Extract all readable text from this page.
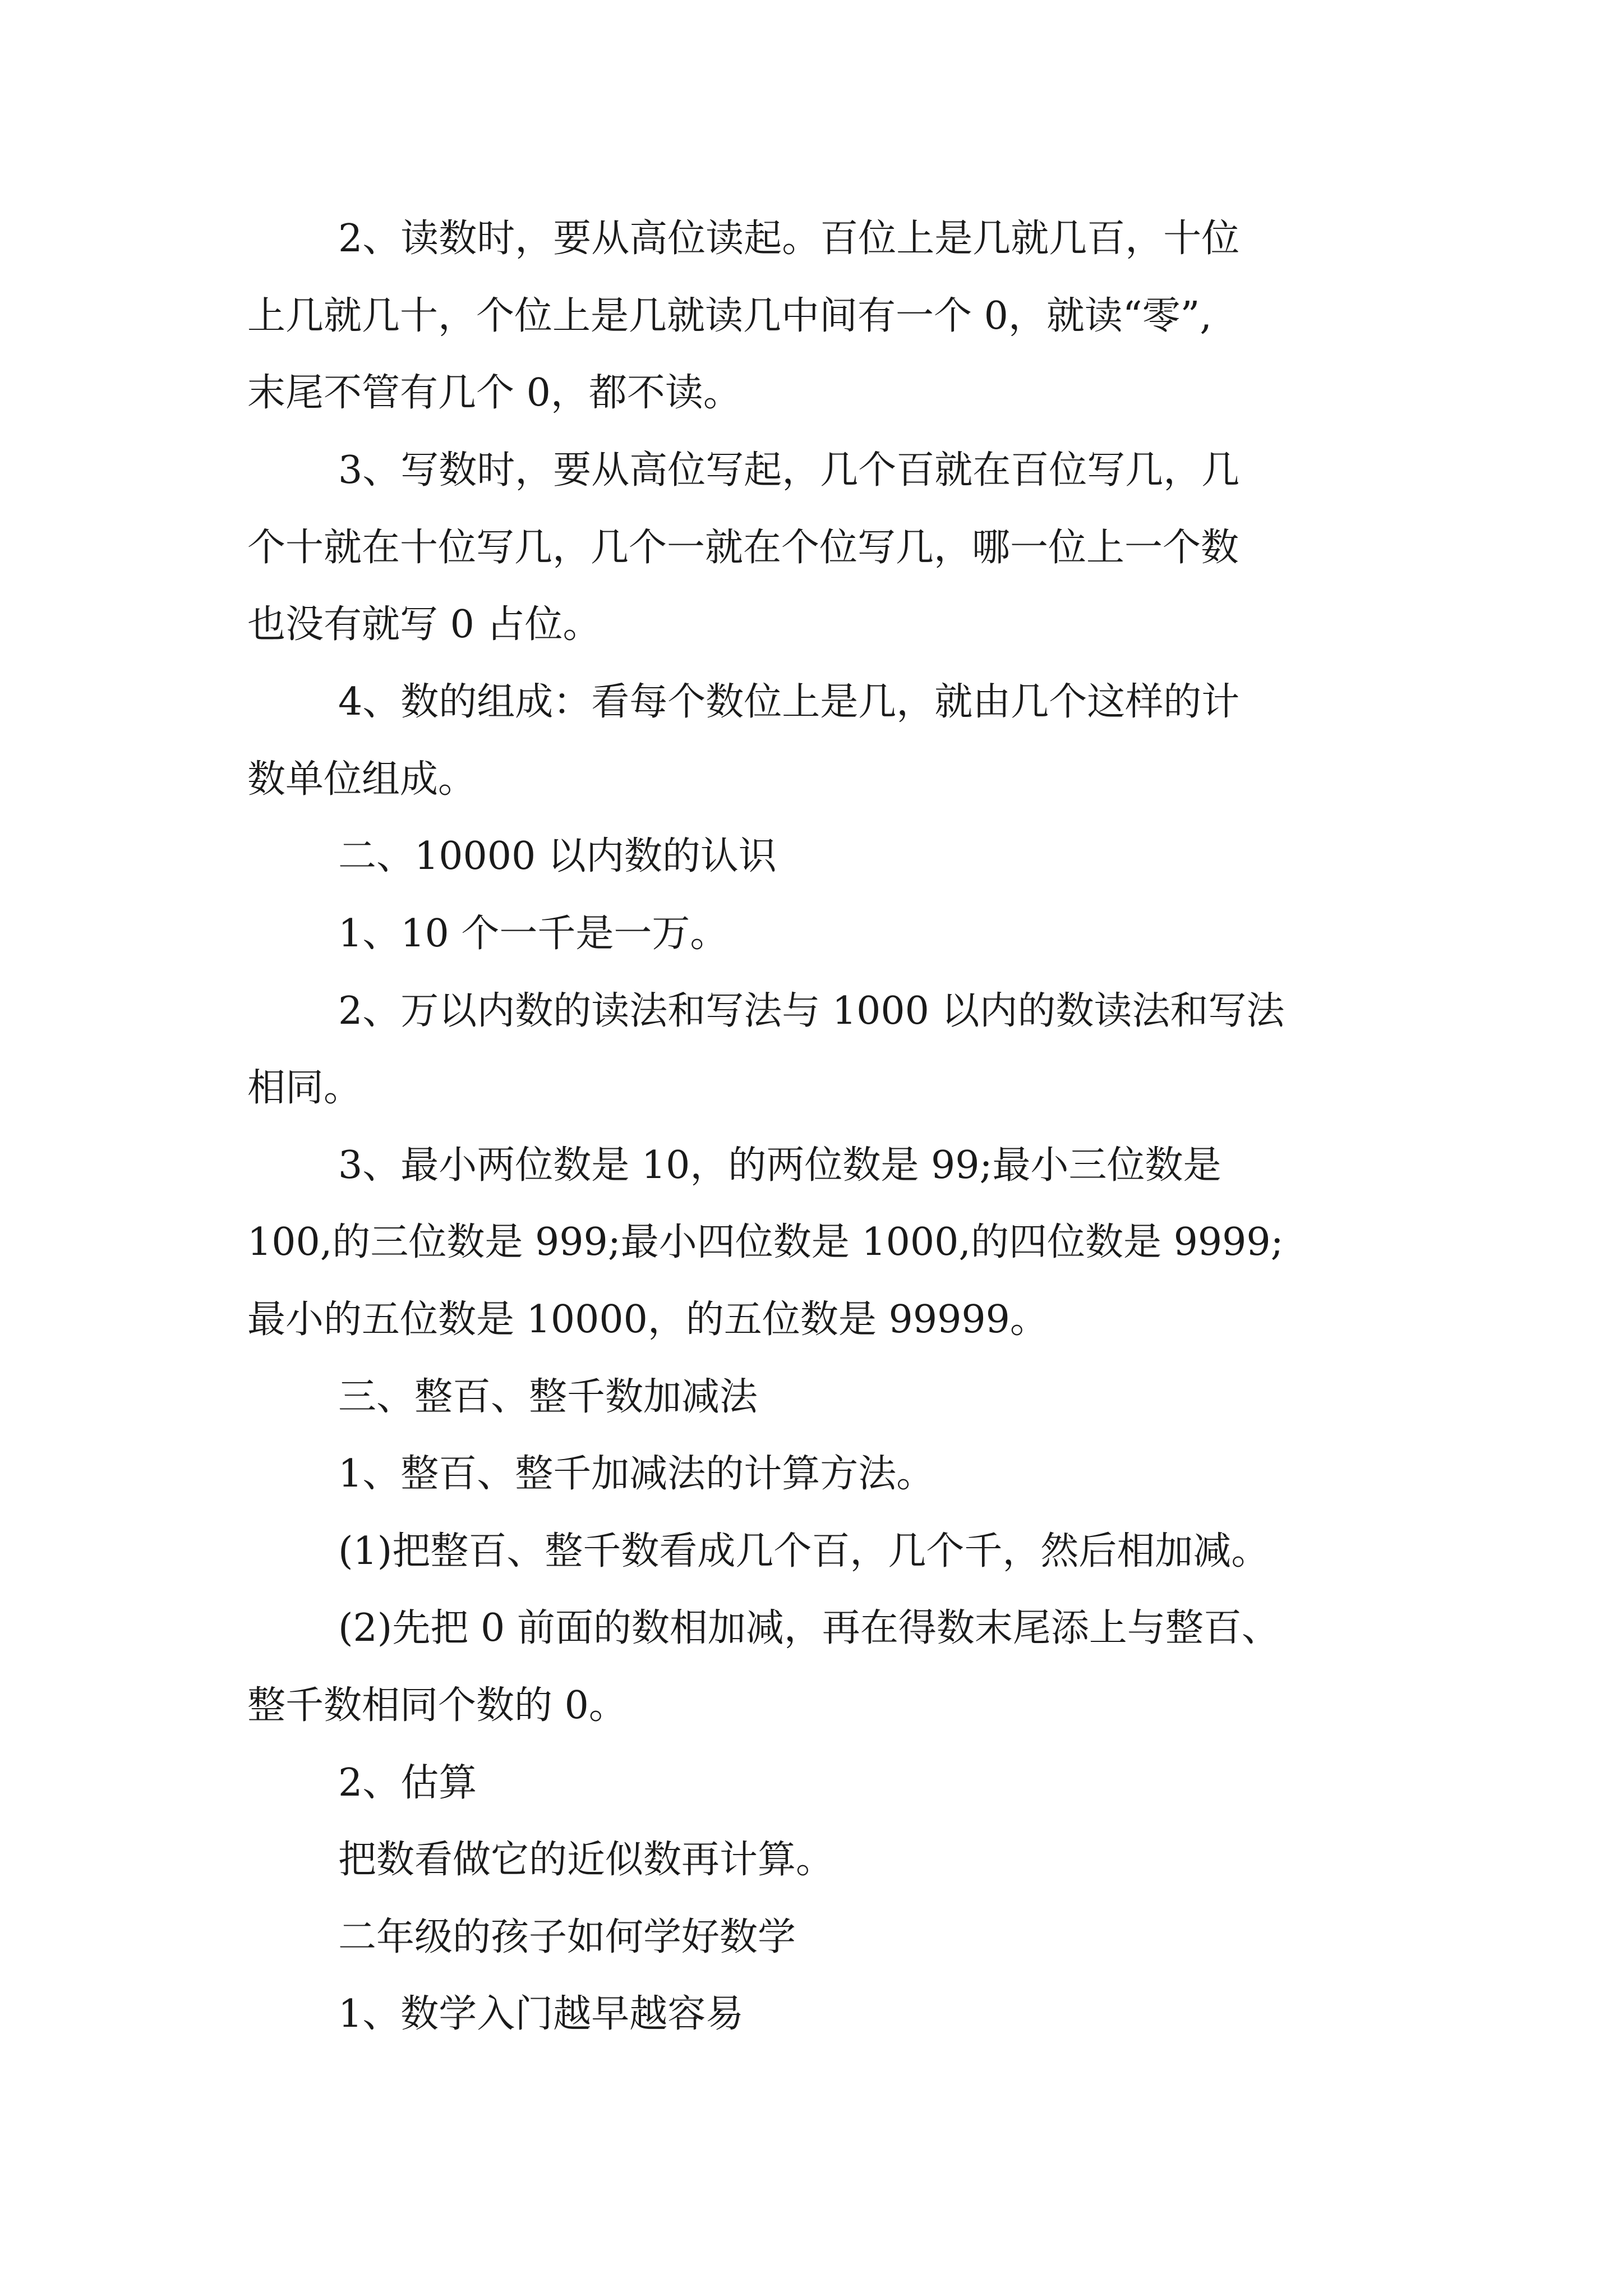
2、读数时，要从高位读起。百位上是几就几百，十位

上几就几十，个位上是几就读几中间有一个 0，就读“零”,

末尾不管有几个 0，都不读。

3、写数时，要从高位写起，几个百就在百位写几，几

个十就在十位写几，几个一就在个位写几，哪一位上一个数

也没有就写 0 占位。

4、数的组成：看每个数位上是几，就由几个这样的计

数单位组成。

二、10000 以内数的认识

1、10 个一千是一万。

2、万以内数的读法和写法与 1000 以内的数读法和写法

相同。

3、最小两位数是 10，的两位数是 99;最小三位数是

100,的三位数是 999;最小四位数是 1000,的四位数是 9999;

最小的五位数是 10000，的五位数是 99999。

三、整百、整千数加减法

1、整百、整千加减法的计算方法。

(1)把整百、整千数看成几个百，几个千，然后相加减。

(2)先把 0 前面的数相加减，再在得数末尾添上与整百、

整千数相同个数的 0。

2、估算

把数看做它的近似数再计算。

二年级的孩子如何学好数学

1、数学入门越早越容易
